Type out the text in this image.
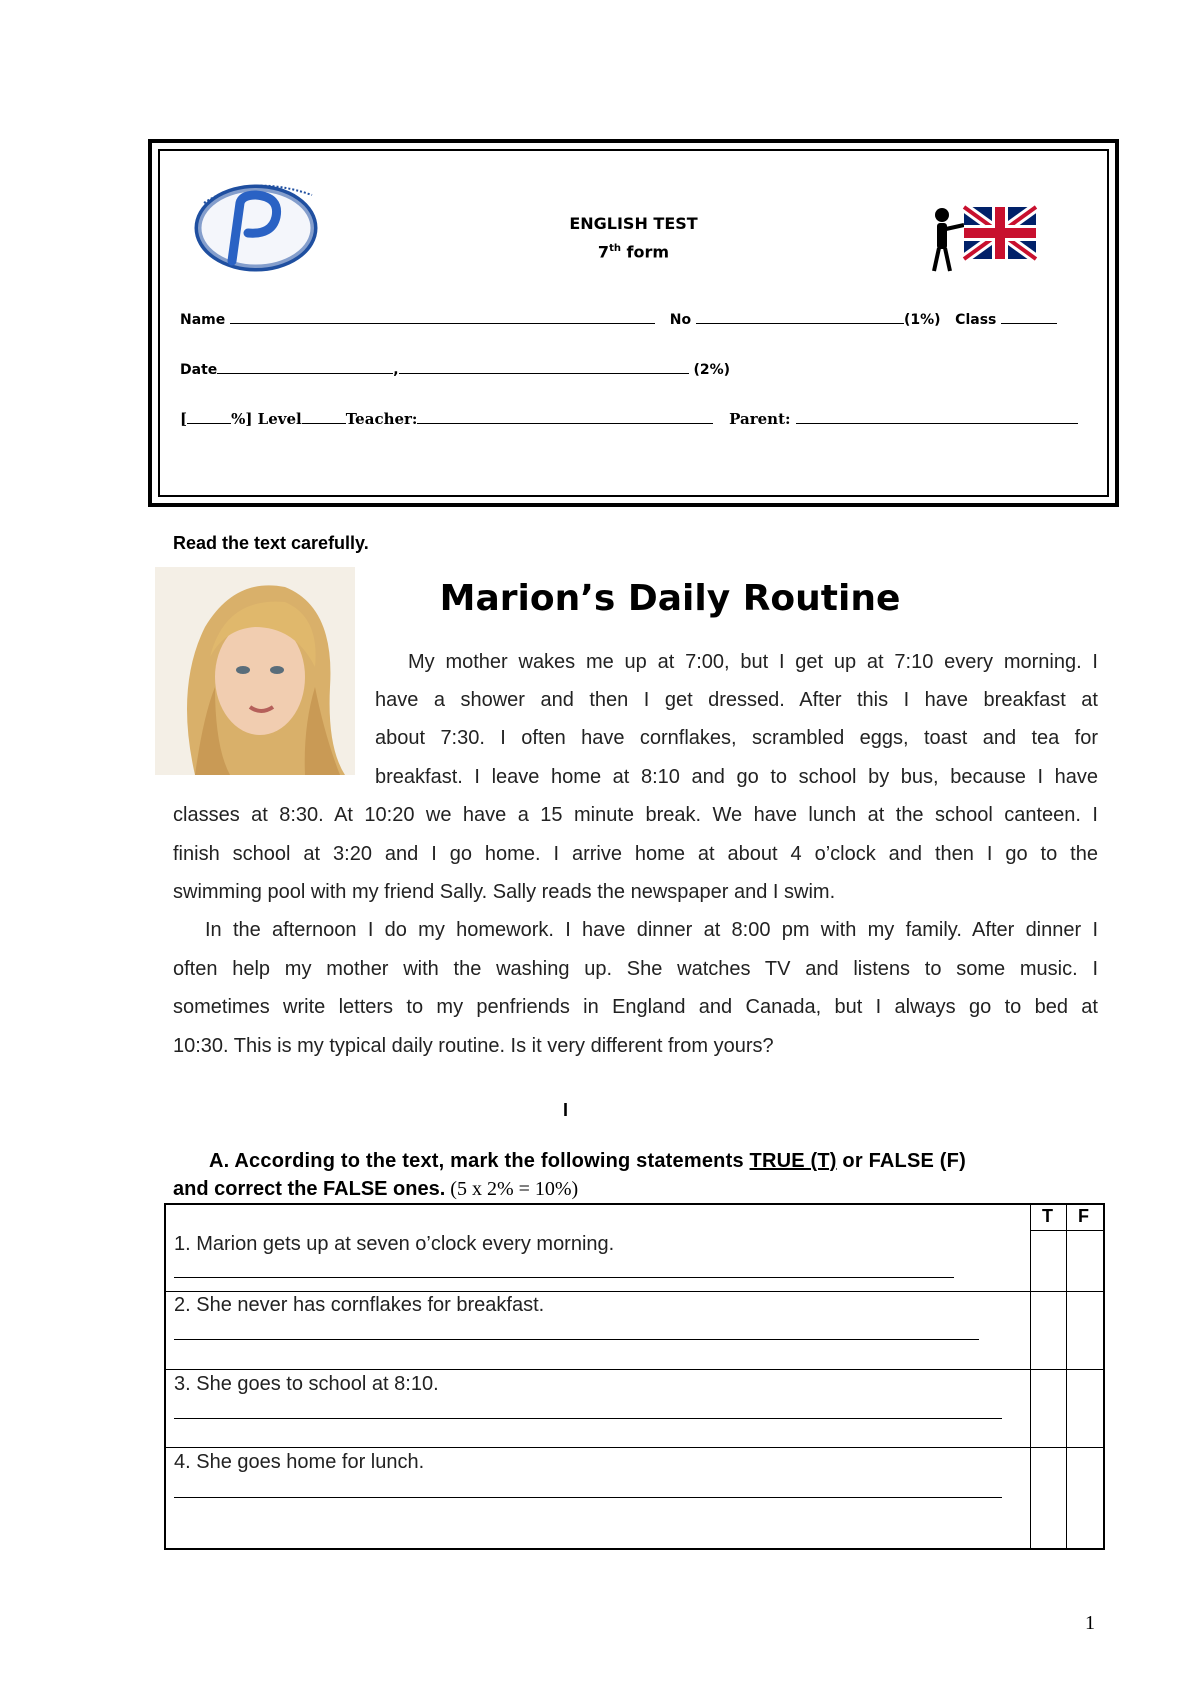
ENGLISH TEST
7th form
Name	No	(1%) Class
Date	,	(2%)
[	%] Level	Teacher:	Parent:
Read the text carefully.
Marion’s Daily Routine
My mother wakes me up at 7:00, but I get up at 7:10 every morning. I
have a shower and then I get dressed. After this I have breakfast at
about 7:30. I often have cornflakes, scrambled eggs, toast and tea for
breakfast. I leave home at 8:10 and go to school by bus, because I have
classes at 8:30. At 10:20 we have a 15 minute break. We have lunch at the school canteen. I
finish school at 3:20 and I go home. I arrive home at about 4 o’clock and then I go to the
swimming pool with my friend Sally. Sally reads the newspaper and I swim.
In the afternoon I do my homework. I have dinner at 8:00 pm with my family. After dinner I
often help my mother with the washing up. She watches TV and listens to some music. I
sometimes write letters to my penfriends in England and Canada, but I always go to bed at
10:30. This is my typical daily routine. Is it very different from yours?
I
A. According to the text, mark the following statements TRUE (T) or FALSE (F)
and correct the FALSE ones. (5 x 2% = 10%)
T F
1. Marion gets up at seven o’clock every morning.
2. She never has cornflakes for breakfast.
3. She goes to school at 8:10.
4. She goes home for lunch.
1
